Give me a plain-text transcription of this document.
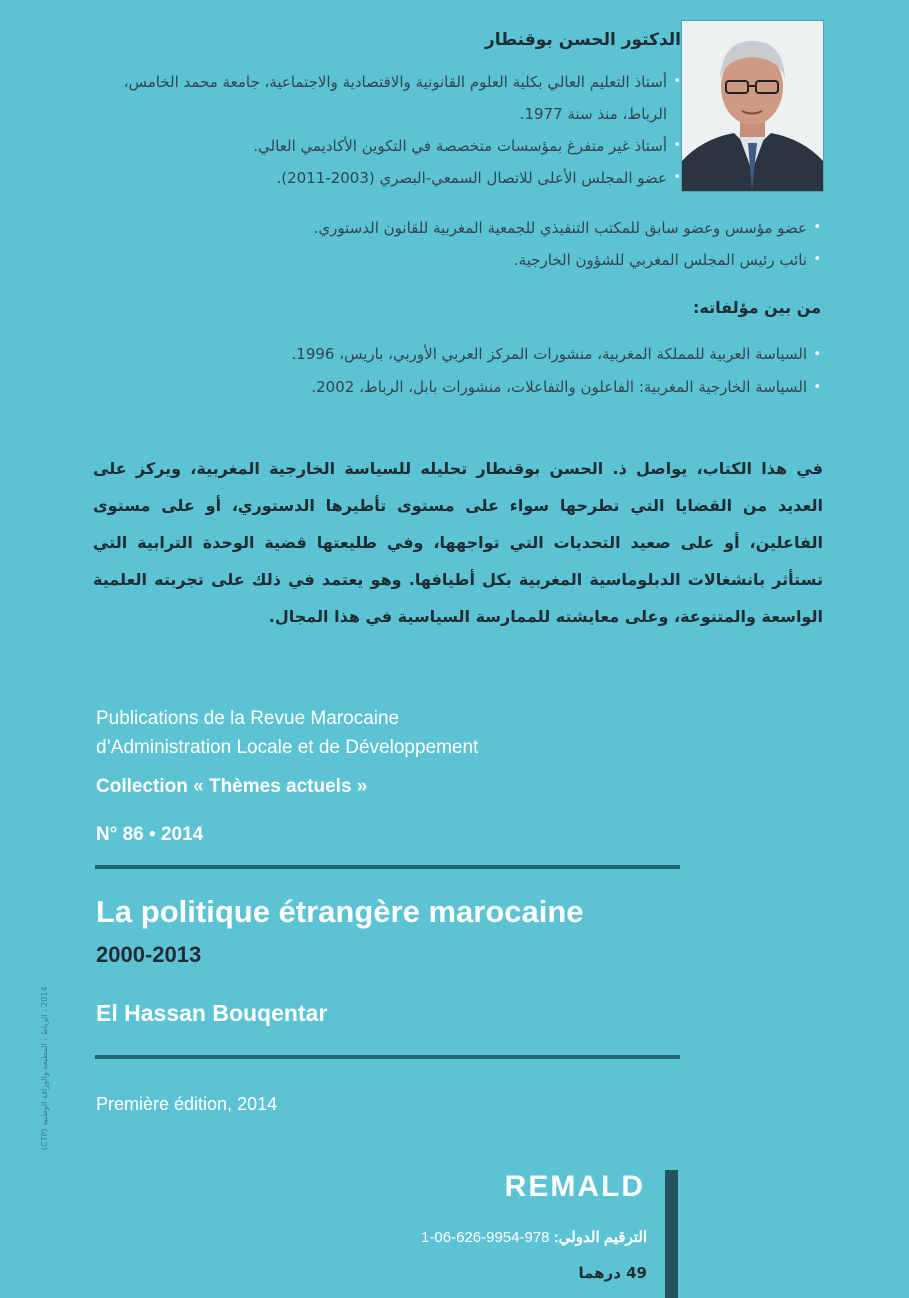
الدكتور الحسن بوقنطار
• أستاذ التعليم العالي بكلية العلوم القانونية والاقتصادية والاجتماعية، جامعة محمد الخامس، الرباط، منذ سنة 1977.
• أستاذ غير متفرغ بمؤسسات متخصصة في التكوين الأكاديمي العالي.
• عضو المجلس الأعلى للاتصال السمعي-البصري (2003-2011).
• عضو مؤسس وعضو سابق للمكتب التنفيذي للجمعية المغربية للقانون الدستوري.
• نائب رئيس المجلس المغربي للشؤون الخارجية.
من بين مؤلفاته:
• السياسة العربية للمملكة المغربية، منشورات المركز العربي الأوربي، باريس، 1996.
• السياسة الخارجية المغربية: الفاعلون والتفاعلات، منشورات بابل، الرباط، 2002.

في هذا الكتاب، يواصل ذ. الحسن بوقنطار تحليله للسياسة الخارجية المغربية، ويركز على العديد من القضايا التي تطرحها سواء على مستوى تأطيرها الدستوري، أو على مستوى الفاعلين، أو على صعيد التحديات التي تواجهها، وفي طليعتها قضية الوحدة الترابية التي تستأثر بانشغالات الدبلوماسية المغربية بكل أطيافها. وهو يعتمد في ذلك على تجربته العلمية الواسعة والمتنوعة، وعلى معايشته للممارسة السياسية في هذا المجال.

Publications de la Revue Marocaine
d’Administration Locale et de Développement
Collection « Thèmes actuels »
N° 86 • 2014
La politique étrangère marocaine
2000-2013
El Hassan Bouqentar
Première édition, 2014
2014 ، الرباط ، المطبعة والوراقة الوطنية (CTP)
REMALD
الترقيم الدولي: 978-9954-626-06-1
49 درهما
